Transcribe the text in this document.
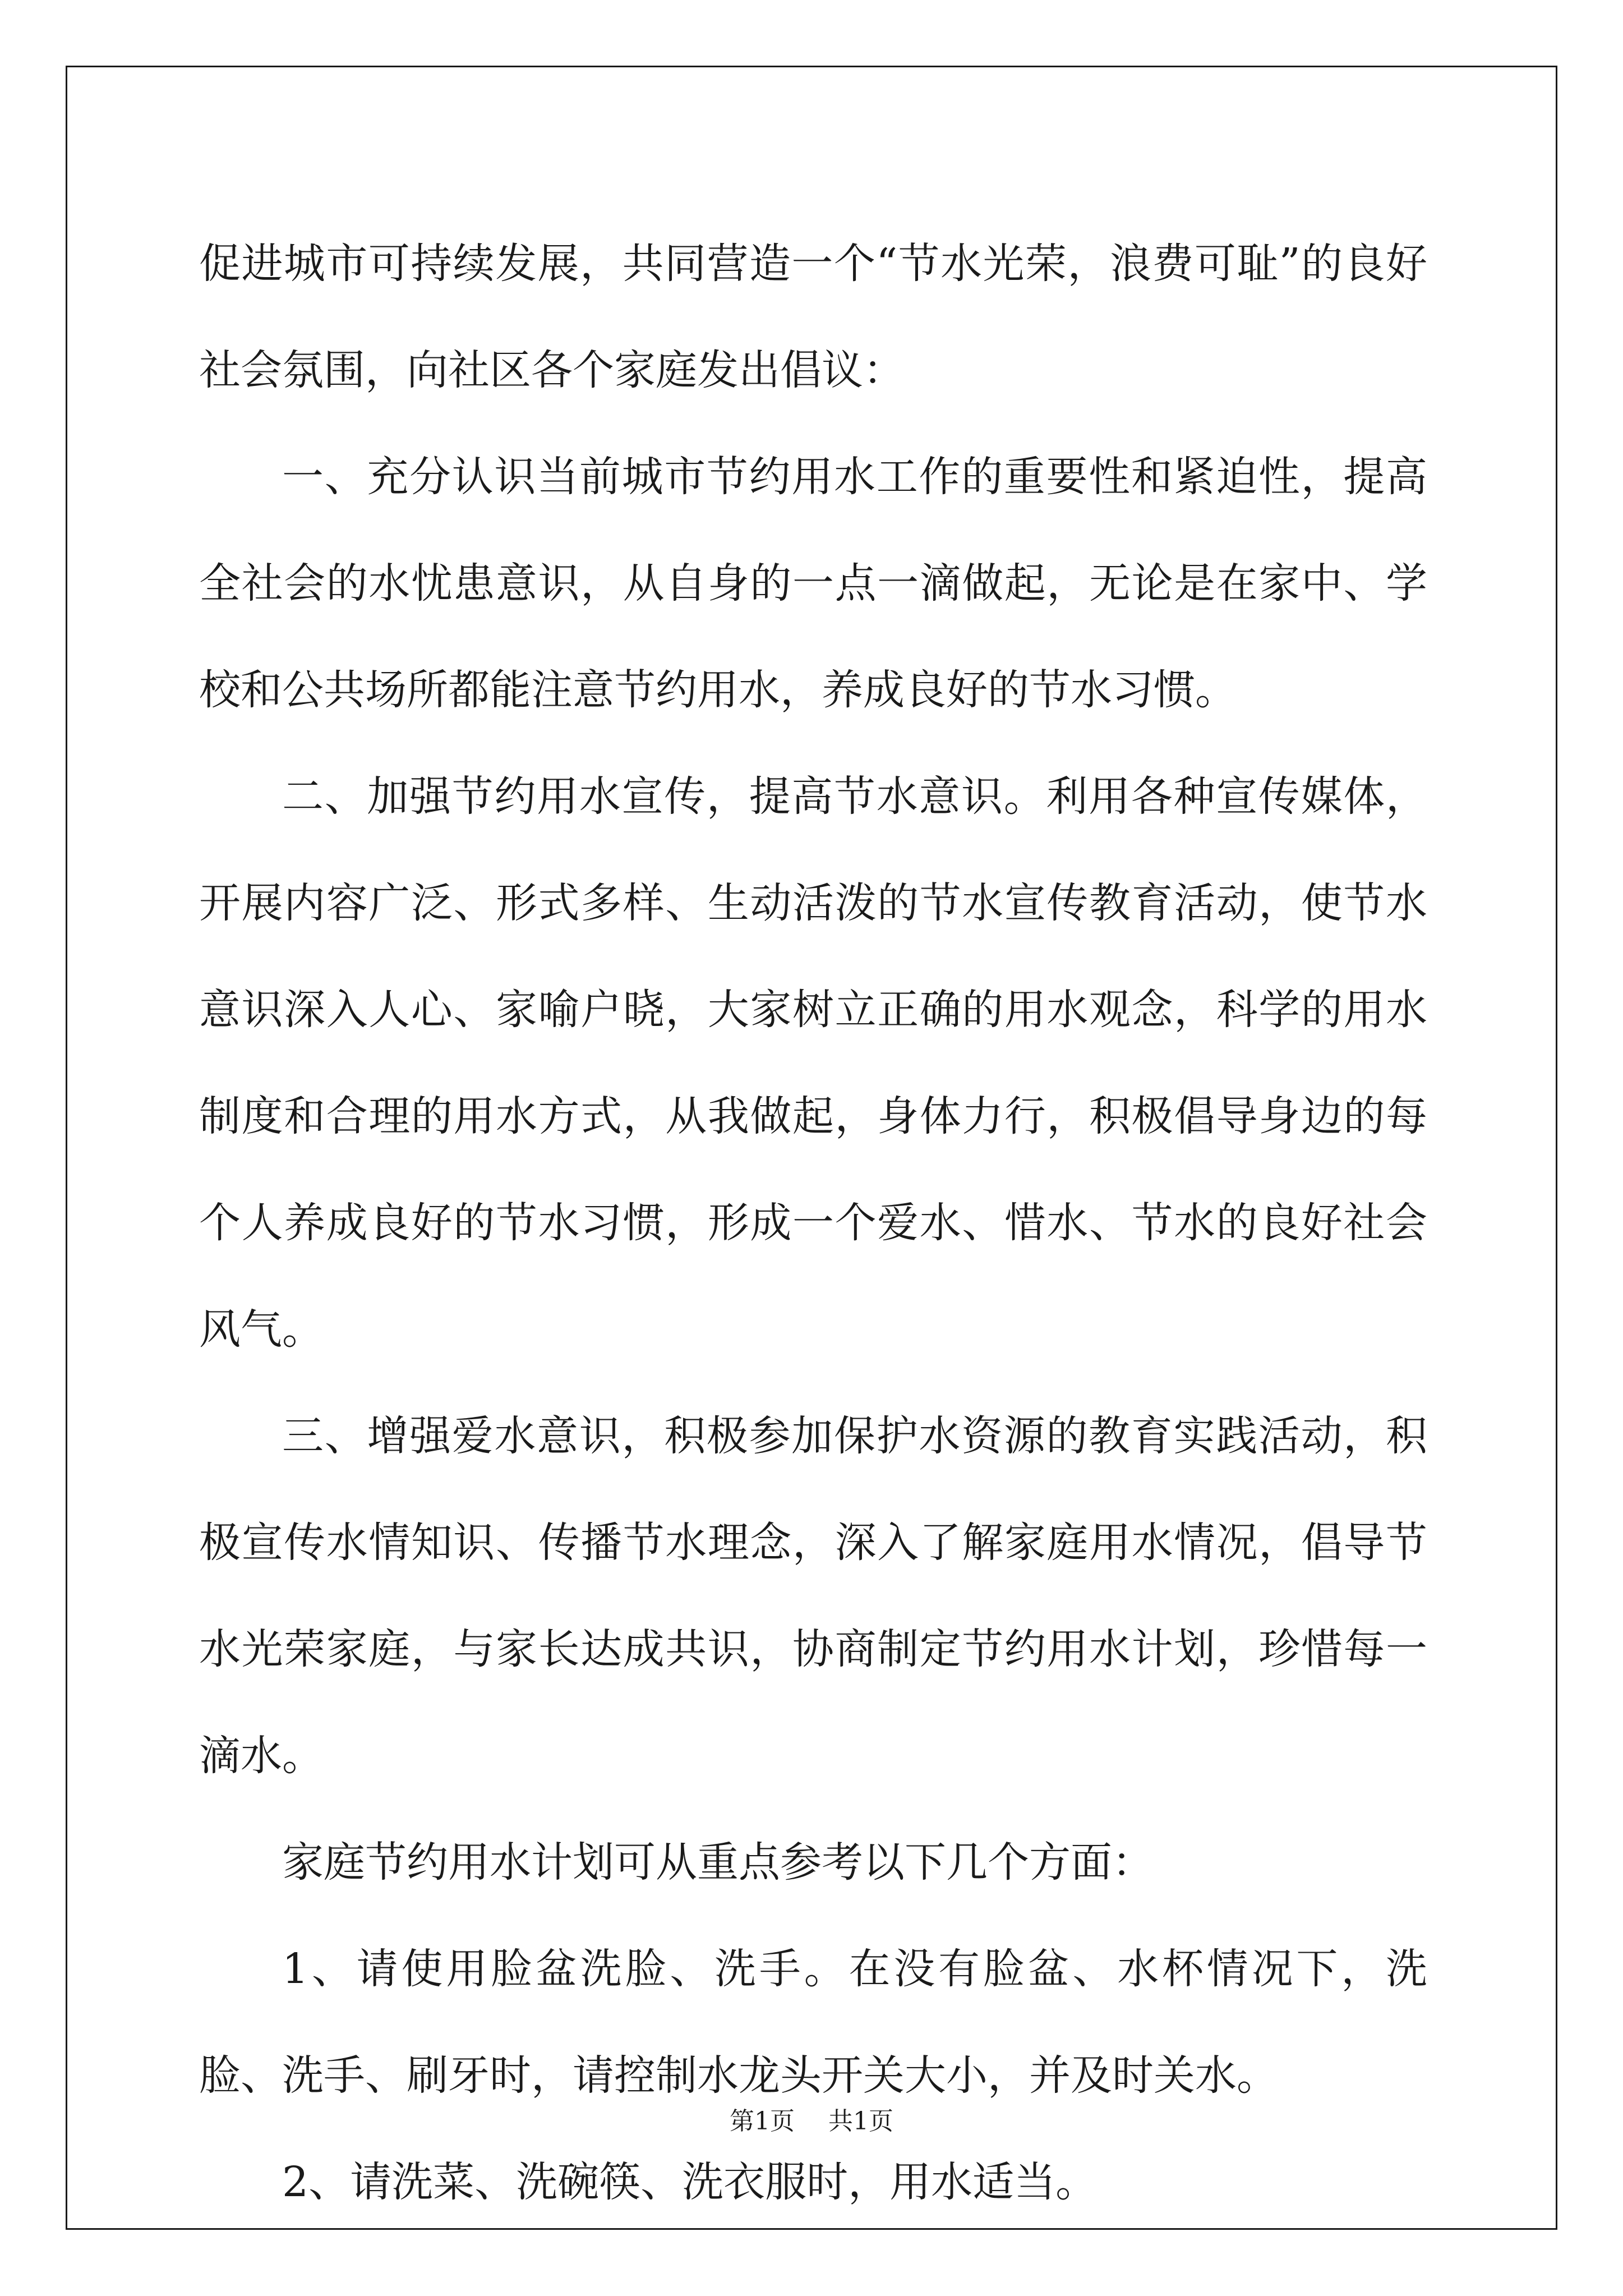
促进城市可持续发展，共同营造一个“节水光荣，浪费可耻”的良好社会氛围，向社区各个家庭发出倡议：

一、充分认识当前城市节约用水工作的重要性和紧迫性，提高全社会的水忧患意识，从自身的一点一滴做起，无论是在家中、学校和公共场所都能注意节约用水，养成良好的节水习惯。

二、加强节约用水宣传，提高节水意识。利用各种宣传媒体，开展内容广泛、形式多样、生动活泼的节水宣传教育活动，使节水意识深入人心、家喻户晓，大家树立正确的用水观念，科学的用水制度和合理的用水方式，从我做起，身体力行，积极倡导身边的每个人养成良好的节水习惯，形成一个爱水、惜水、节水的良好社会风气。

三、增强爱水意识，积极参加保护水资源的教育实践活动，积极宣传水情知识、传播节水理念，深入了解家庭用水情况，倡导节水光荣家庭，与家长达成共识，协商制定节约用水计划，珍惜每一滴水。

家庭节约用水计划可从重点参考以下几个方面：

1、请使用脸盆洗脸、洗手。在没有脸盆、水杯情况下，洗脸、洗手、刷牙时，请控制水龙头开关大小，并及时关水。

2、请洗菜、洗碗筷、洗衣服时，用水适当。

第1页 共1页
